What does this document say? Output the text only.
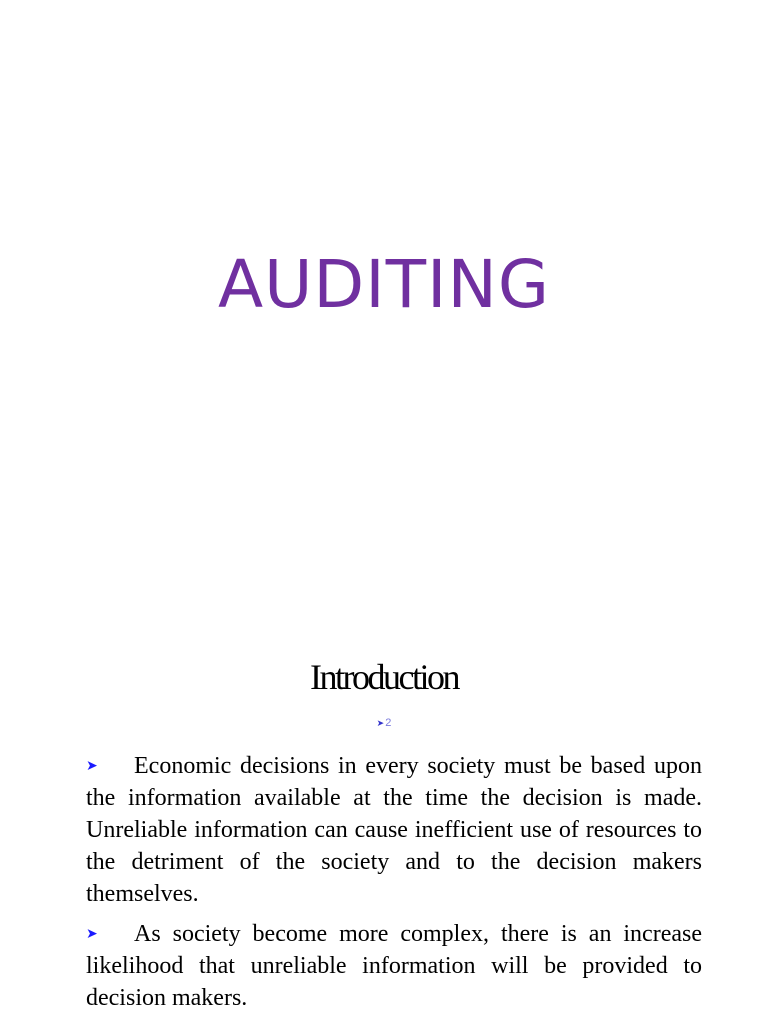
AUDITING
Introduction
➤2
➤ Economic decisions in every society must be based upon the information available at the time the decision is made. Unreliable information can cause inefficient use of resources to the detriment of the society and to the decision makers themselves.
➤ As society become more complex, there is an increase likelihood that unreliable information will be provided to decision makers.
